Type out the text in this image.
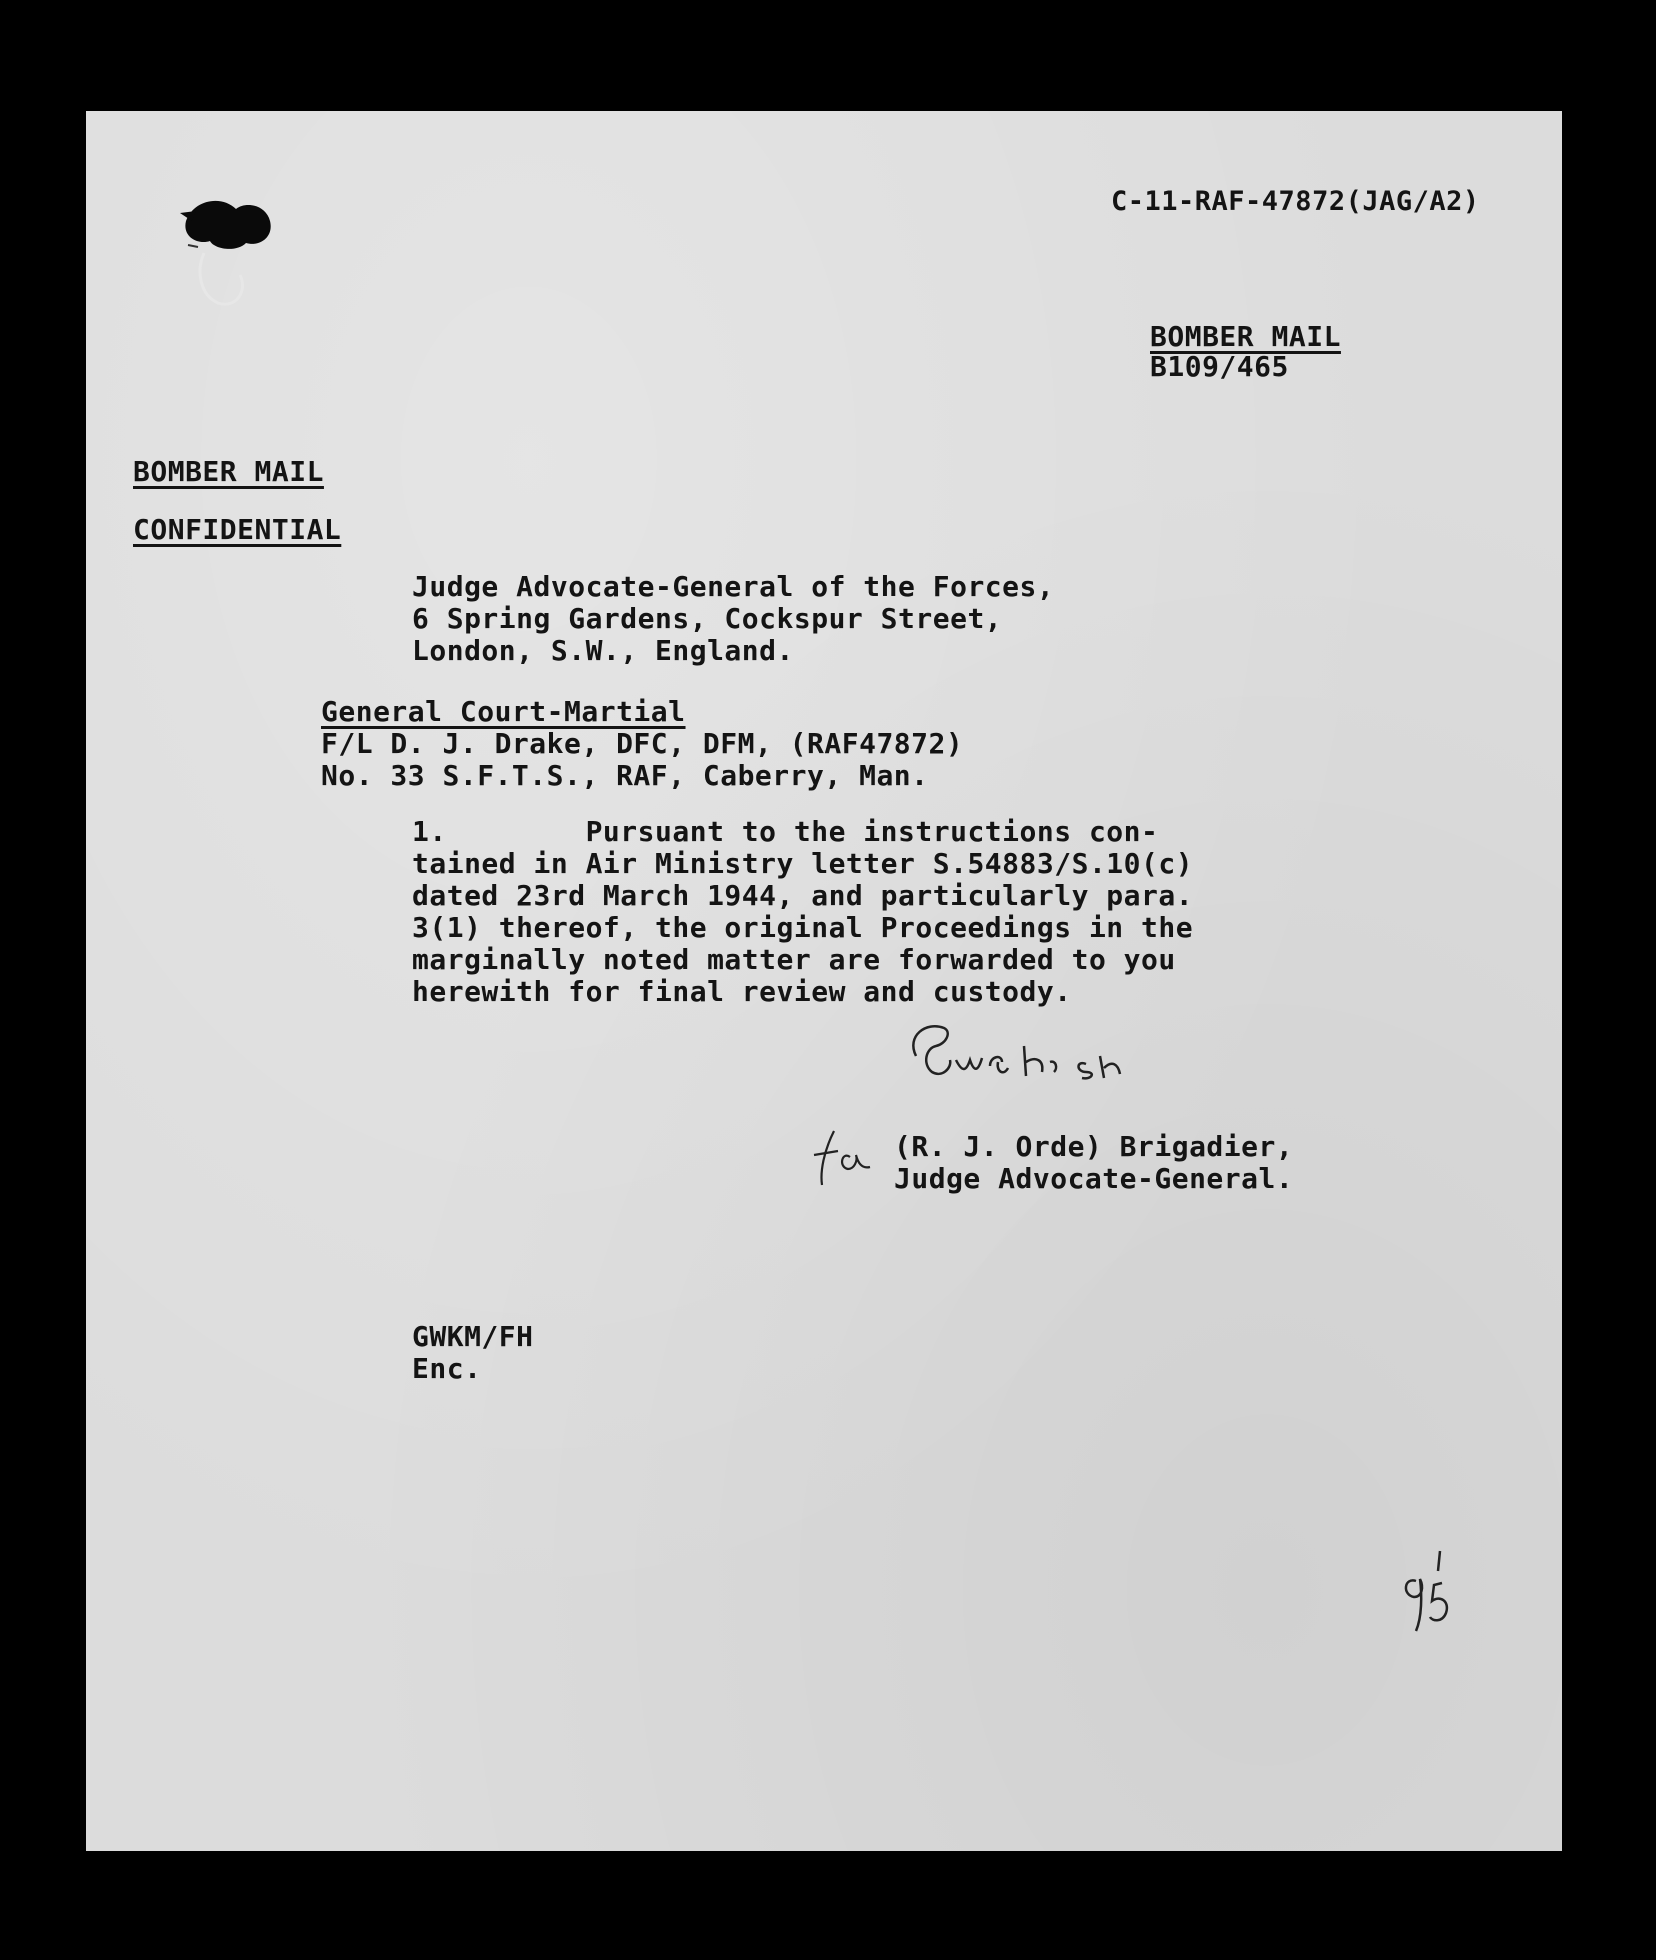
C-11-RAF-47872(JAG/A2)
BOMBER MAIL
B109/465
BOMBER MAIL
CONFIDENTIAL
Judge Advocate-General of the Forces,
6 Spring Gardens, Cockspur Street,
London, S.W., England.
General Court-Martial
F/L D. J. Drake, DFC, DFM, (RAF47872)
No. 33 S.F.T.S., RAF, Caberry, Man.
1.        Pursuant to the instructions con-
tained in Air Ministry letter S.54883/S.10(c)
dated 23rd March 1944, and particularly para.
3(1) thereof, the original Proceedings in the
marginally noted matter are forwarded to you
herewith for final review and custody.
(R. J. Orde) Brigadier,
Judge Advocate-General.
GWKM/FH
Enc.
